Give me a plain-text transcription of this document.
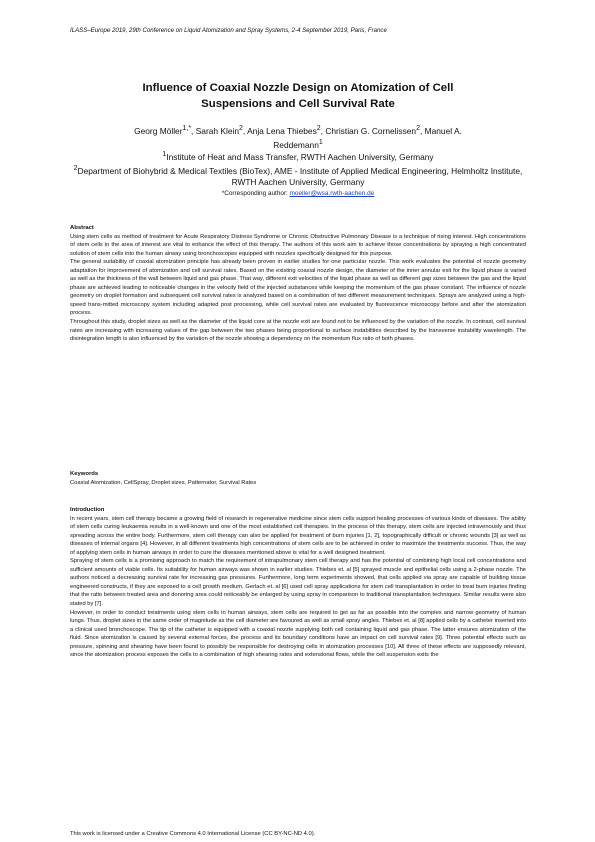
ILASS–Europe 2019, 29th Conference on Liquid Atomization and Spray Systems, 2-4 September 2019, Paris, France
Influence of Coaxial Nozzle Design on Atomization of Cell
Suspensions and Cell Survival Rate
Georg Möller$^{1,*}$, Sarah Klein$^2$, Anja Lena Thiebes$^2$, Christian G. Cornelissen$^2$, Manuel A.
Reddemann$^1$
$^1$Institute of Heat and Mass Transfer, RWTH Aachen University, Germany
$^2$Department of Biohybrid & Medical Textiles (BioTex), AME - Institute of Applied Medical Engineering, Helmholtz Institute, RWTH Aachen University, Germany
*Corresponding author: moeller@wsa.rwth-aachen.de

Abstract

Using stem cells as method of treatment for Acute Respiratory Distress Syndrome or Chronic Obstructive Pulmonary Disease is a technique of rising interest. High concentrations of stem cells in the area of interest are vital to enhance the effect of this therapy. The authors of this work aim to achieve those concentrations by spraying a high concentrated solution of stem cells into the human airway using bronchoscopes equipped with nozzles specifically designed for this purpose.

The general suitability of coaxial atomization principle has already been proven in earlier studies for one particular nozzle. This work evaluates the potential of nozzle geometry adaptation for improvement of atomization and cell survival rates. Based on the existing coaxial nozzle design, the diameter of the inner annular exit for the liquid phase is varied as well as the thickness of the wall between liquid and gas phase. That way, different exit velocities of the liquid phase as well as different gap sizes between the gas and the liquid phase are achieved leading to noticeable changes in the velocity field of the injected substances while keeping the momentum of the gas phase constant. The influence of nozzle geometry on droplet formation and subsequent cell survival rates is analyzed based on a combination of two different measurement techniques. Sprays are analyzed using a high-speed trans-mitted microscopy system including adapted post processing, while cell survival rates are evaluated by fluorescence microscopy before and after the atomization process.

Throughout this study, droplet sizes as well as the diameter of the liquid core at the nozzle exit are found not to be influenced by the variation of the nozzle. In contrast, cell survival rates are increasing with increasing values of the gap between the two phases being proportional to surface instabilities described by the transverse instability wavelength. The disintegration length is also influenced by the variation of the nozzle showing a dependency on the momentum flux ratio of both phases.

Keywords

Coaxial Atomization, CellSpray, Droplet sizes, Patternator, Survival Rates

Introduction

In recent years, stem cell therapy became a growing field of research in regenerative medicine since stem cells support healing processes of various kinds of diseases. The ability of stem cells curing leukaemia results in a well-known and one of the most established cell therapies. In the process of this therapy, stem cells are injected intravenously and thus spreading across the entire body. Furthermore, stem cell therapy can also be applied for treatment of burn injuries [1, 2], topographically difficult or chronic wounds [3] as well as diseases of internal organs [4]. However, in all different treatments high concentrations of stem cells are to be achieved in order to maximize the treatments success. Thus, the way of applying stem cells in human airways in order to cure the diseases mentioned above is vital for a well designed treatment.

Spraying of stem cells is a promising approach to match the requirement of intrapulmonary stem cell therapy and has the potential of combining high local cell concentrations and sufficient amounts of viable cells. Its suitability for human airways was shown in earlier studies. Thiebes et. al [5] sprayed muscle and epithelial cells using a 2-phase nozzle. The authors noticed a decreasing survival rate for increasing gas pressures. Furthermore, long term experiments showed, that cells applied via spray are capable of building tissue engineered constructs, if they are exposed to a cell growth medium. Gerlach et. al [6] used cell spray applications for stem cell transplantation in order to treat burn injuries finding that the ratio between treated area and donoring area could noticeably be enlarged by using spray in comparison to traditional transplantation techniques. Similar results were also stated by [7].

However, in order to conduct treatments using stem cells in human airways, stem cells are required to get as far as possible into the complex and narrow geometry of human lungs. Thus, droplet sizes in the same order of magnitude as the cell diameter are favoured as well as small spray angles. Thiebes et. al [8] applied cells by a catheter inserted into a clinical used bronchoscope. The tip of the catheter is equipped with a coaxial nozzle supplying both cell containing liquid and gas phase. The latter ensures atomization of the fluid. Since atomization is caused by several external forces, the process and its boundary conditions have an impact on cell survival rates [9]. Three potential effects such as pressure, spinning and shearing have been found to possibly be responsible for destroying cells in atomization processes [10]. All three of these effects are supposedly relevant, since the atomization process exposes the cells to a combination of high shearing rates and extensional flows, while the cell suspension exits the

This work is licensed under a Creative Commons 4.0 International License (CC BY-NC-ND 4.0).
